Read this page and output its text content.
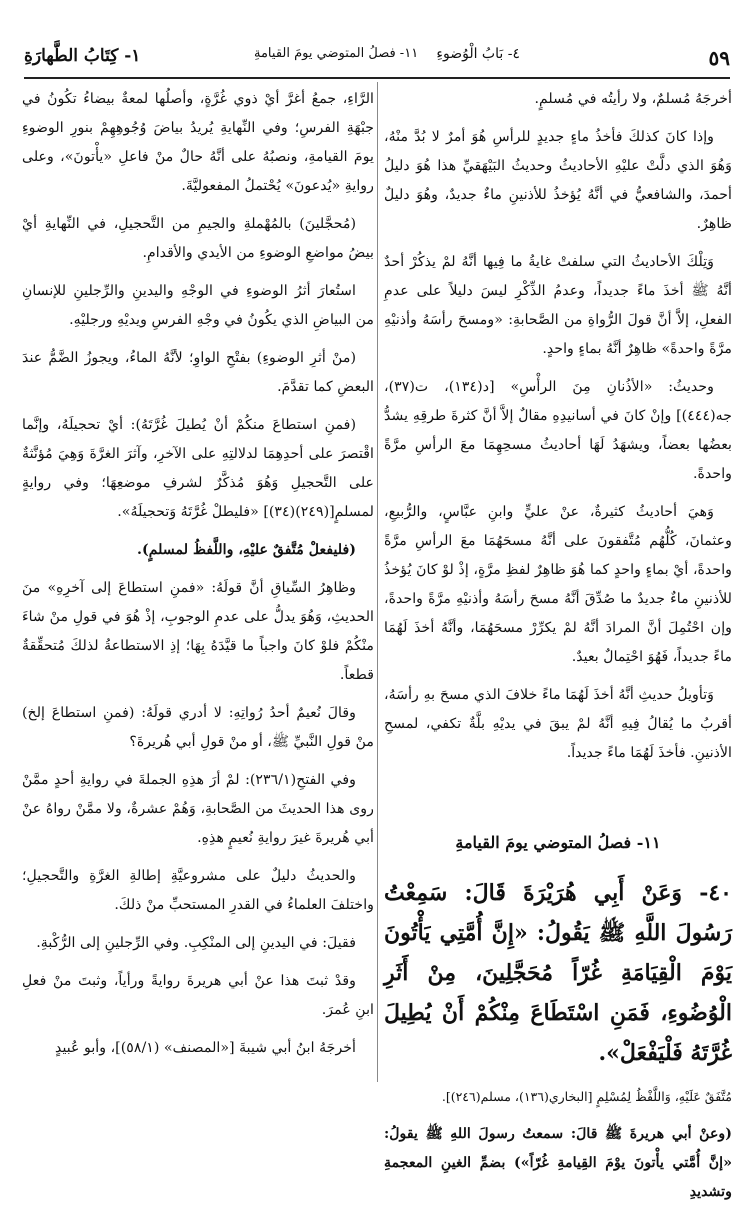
٥٩
٤- بَابُ الْوُضوءِ
١١- فصلُ المتوضي يومَ القيامةِ
١- كِتَابُ الطَّهارَةِ

أخرجَهُ مُسلمٌ، ولا رأيتُه في مُسلمٍ.

وإذا كانَ كذلكَ فأخذُ ماءٍ جديدٍ للرأسِ هُوَ أمرٌ لا بُدَّ منْهُ، وَهُوَ الذي دلَّتْ عليْهِ الأحاديثُ وحديثُ البَيْهَقيِّ هذا هُوَ دليلُ أحمدَ، والشافعيُّ في أنَّهُ يُؤخذُ للأذنينِ ماءٌ جديدٌ، وهُوَ دليلٌ ظاهِرٌ.

وَتِلْكَ الأحاديثُ التي سلفتْ غايةُ ما فِيها أنَّهُ لمْ يذكُرْ أحدٌ أنَّهُ ﷺ أخذَ ماءً جديداً، وعدمُ الذِّكْرِ ليسَ دليلاً على عدمِ الفعلِ، إلاَّ أنَّ قولَ الرُّواةِ من الصَّحابةِ: «ومسحَ رأسَهُ وأذنيْهِ مرَّةً واحدةً» ظاهِرٌ أنَّهُ بماءٍ واحدٍ.

وحديثُ: «الأذُنانِ مِنَ الرأْسِ» [د(١٣٤)، ت(٣٧)، جه(٤٤٤)] وإنْ كانَ في أسانيدِهِ مقالٌ إلاَّ أنَّ كثرةَ طرقِهِ يشدُّ بعضُها بعضاً، ويشهَدُ لَهَا أحاديثُ مسحِهِمَا معَ الرأسِ مرَّةً واحدةً.

وَهيَ أحاديثُ كثيرةٌ، عنْ عليٍّ وابنِ عبَّاسٍ، والرُّبيعِ، وعثمانَ، كُلُّهُم مُتَّفقونَ على أنَّهُ مسحَهُمَا معَ الرأسِ مرَّةً واحدةً، أيْ بماءٍ واحدٍ كما هُوَ ظاهِرٌ لفظِ مرَّةٍ، إذْ لوْ كانَ يُؤخذُ للأذنينِ ماءٌ جديدٌ ما صُدِّقَ أنَّهُ مسحَ رأسَهُ وأذنيْهِ مرَّةً واحدةً، وإن احْتُمِلَ أنَّ المرادَ أنَّهُ لمْ يكرِّرْ مسحَهُمَا، وأنَّهُ أخذَ لَهُمَا ماءً جديداً، فَهُوَ احْتِمالٌ بعيدٌ.

وَتأويلُ حديثِ أنَّهُ أخذَ لَهُمَا ماءً خلافَ الذي مسحَ بهِ رأسَهُ، أقربُ ما يُقالُ فِيهِ أنَّهُ لمْ يبقَ في يديْهِ بلَّةٌ تكفي، لمسحِ الأذنينِ. فأخذَ لَهُمَا ماءً جديداً.

١١- فصلُ المتوضي يومَ القيامةِ

٤٠- وَعَنْ أَبِي هُرَيْرَةَ قَالَ: سَمِعْتُ رَسُولَ اللَّهِ ﷺ يَقُولُ: «إِنَّ أُمَّتِي يَأْتُونَ يَوْمَ الْقِيَامَةِ غُرّاً مُحَجَّلِينَ، مِنْ أَثَرِ الْوُضُوءِ، فَمَنِ اسْتَطَاعَ مِنْكُمْ أَنْ يُطِيلَ غُرَّتَهُ فَلْيَفْعَلْ».

مُتَّفَقٌ عَلَيْهِ، وَاللَّفْظُ لِمُسْلِمٍ [البخاري(١٣٦)، مسلم(٢٤٦)].

(وعنْ أبي هريرةَ ﷺ قالَ: سمعتُ رسولَ اللهِ ﷺ يقولُ: «إنَّ أُمَّتي يأْتونَ يوْمَ القِيامةِ غُرّاً») بضمِّ الغينِ المعجمةِ وتشديدِ

الرَّاءِ، جمعُ أغرَّ أيْ ذوي غُرَّةٍ، وأصلُها لمعةٌ بيضاءُ تكُونُ في جبْهَةِ الفرسِ؛ وفي النِّهايةِ يُريدُ بياضَ وُجُوهِهِمْ بنورِ الوضوءِ يومَ القيامةِ، ونصبُهُ على أنَّهُ حالٌ منْ فاعلِ «يأْتونَ»، وعلى روايةِ «يُدعونَ» يُحْتملُ المفعوليَّةَ.

(مُحجَّلينَ) بالمُهْملةِ والجيمِ من التَّحجيلِ، في النِّهايةِ أيْ بيضُ مواضعِ الوضوءِ من الأيدي والأقدامِ.

استُعارَ أثرُ الوضوءِ في الوجْهِ واليدينِ والرِّجلينِ للإنسانِ من البياضِ الذي يكُونُ في وجْهِ الفرسِ ويديْهِ ورجليْهِ.

(منْ أثرِ الوضوءِ) بفتْحِ الواوِ؛ لأنَّهُ الماءُ، ويجوزُ الضَّمُّ عندَ البعضِ كما تقدَّمَ.

(فمنِ استطاعَ منكُمْ أنْ يُطيلَ غُرَّتَهُ): أيْ تحجيلَهُ، وإنَّما اقْتصرَ على أحدِهِمَا لدلالتِهِ على الآخرِ، وآثرَ الغرَّةَ وَهِيَ مُؤنَّثةٌ على التَّحجيلِ وَهُوَ مُذكَّرٌ لشرفِ موضعِهَا؛ وفي روايةٍ لمسلمٍ[(٢٤٩)(٣٤)] «فليطلْ غُرَّتَهُ وَتحجيلَهُ».

(فليفعلْ مُتَّفقٌ عليْهِ، واللَّفظُ لمسلمٍ).

وظاهِرُ السِّياقِ أنَّ قولَهُ: «فمنِ استطاعَ إلى آخرِهِ» منَ الحديثِ، وَهُوَ يدلُّ على عدمِ الوجوبِ، إذْ هُوَ في قولِ منْ شاءَ منْكُمْ فلوْ كانَ واجباً ما قيَّدَهُ بِهَا؛ إذِ الاستطاعةُ لذلكَ مُتحقِّقةٌ قطعاً.

وقالَ نُعيمٌ أحدُ رُواتِهِ: لا أدري قولَهُ: (فمنِ استطاعَ إلخ) منْ قولِ النَّبيِّ ﷺ، أو منْ قولِ أبي هُريرةَ؟

وفي الفتحِ(٢٣٦/١): لمْ أرَ هذِهِ الجملةَ في روايةِ أحدٍ ممَّنْ روى هذا الحديثَ من الصَّحابةِ، وَهُمْ عشرةٌ، ولا ممَّنْ رواهُ عنْ أبي هُريرةَ غيرَ روايةِ نُعيمٍ هذِهِ.

والحديثُ دليلٌ على مشروعيَّةِ إطالةِ الغرَّةِ والتَّحجيلِ؛ واختلفَ العلماءُ في القدرِ المستحبِّ منْ ذلكَ.

فقيلَ: في اليدينِ إلى المنْكِبِ. وفي الرِّجلينِ إلى الرُّكْبةِ.

وقدْ ثبتَ هذا عنْ أبي هريرةَ روايةً ورأياً، وثبتَ منْ فعلِ ابنِ عُمرَ.

أخرجَهُ ابنُ أبي شيبةَ [«المصنف» (٥٨/١)]، وأبو عُبيدٍ
